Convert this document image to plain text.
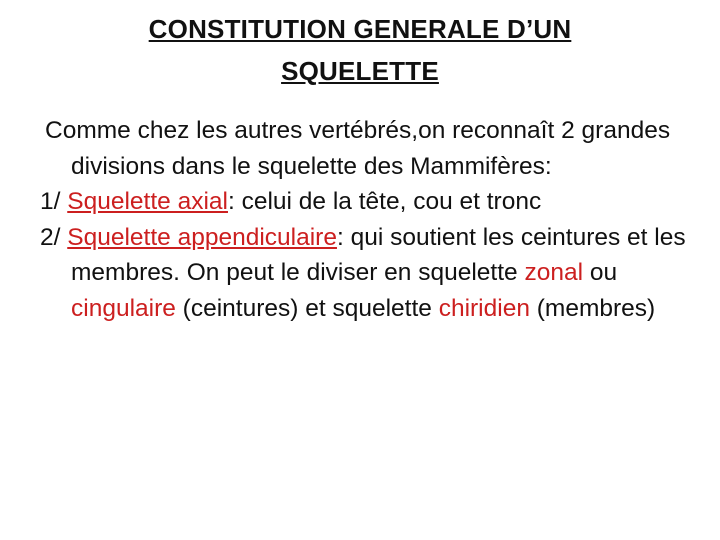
CONSTITUTION GENERALE D’UN SQUELETTE

Comme chez les autres vertébrés,on reconnaît 2 grandes divisions dans le squelette des Mammifères:

1/ Squelette axial: celui de la tête, cou et tronc

2/ Squelette appendiculaire: qui soutient les ceintures et les membres. On peut le diviser en squelette zonal ou cingulaire (ceintures) et squelette chiridien (membres)
